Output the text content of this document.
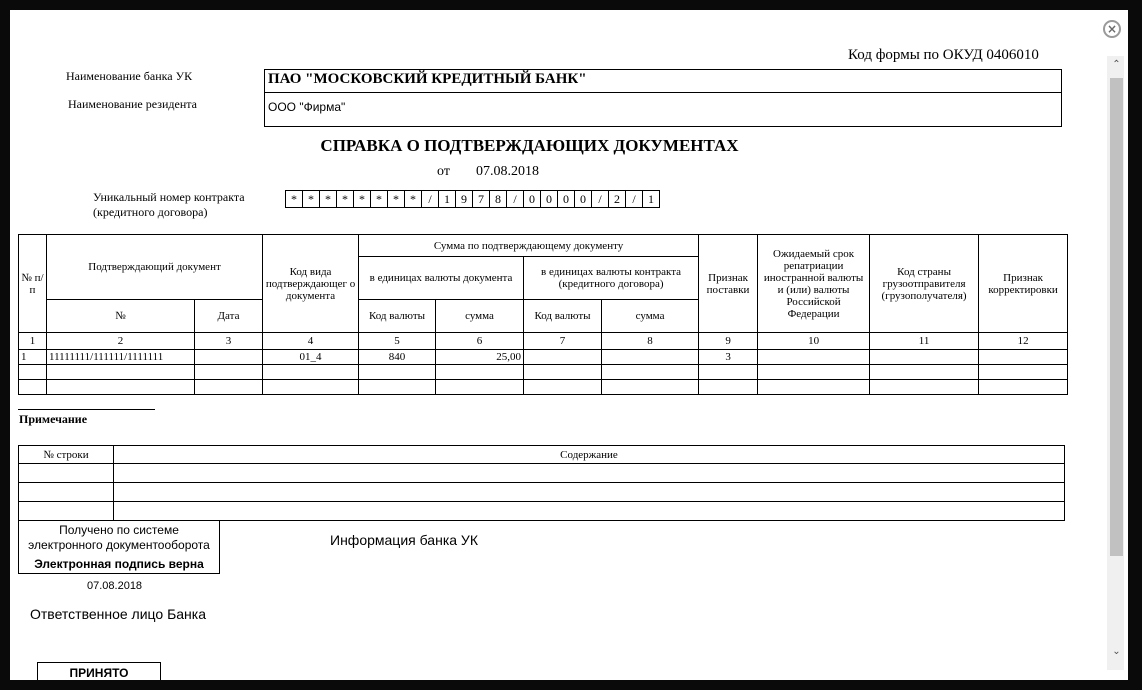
Код формы по ОКУД 0406010
Наименование банка УК
Наименование резидента
ПАО "МОСКОВСКИЙ КРЕДИТНЫЙ БАНК"
ООО "Фирма"
СПРАВКА О ПОДТВЕРЖДАЮЩИХ ДОКУМЕНТАХ
от 07.08.2018
Уникальный номер контракта
(кредитного договора)
*	*	*	*	*	*	*	*	/	1	9	7	8	/	0	0	0	0	/	2	/	1
№ п/п	Подтверждающий документ		Код вида подтверждающег о документа	Сумма по подтверждающему документу				Признак поставки	Ожидаемый срок репатриации иностранной валюты и (или) валюты Российской Федерации	Код страны грузоотправителя (грузополучателя)	Признак корректировки
				в единицах валюты документа		в единицах валюты контракта (кредитного договора)					
	№	Дата		Код валюты	сумма	Код валюты	сумма				
1	2	3	4	5	6	7	8	9	10	11	12
1	11111111/111111/1111111		01_4	840	25,00			3			

Примечание
№ строки	Содержание

Получено по системе
электронного документооборота
Электронная подпись верна
07.08.2018
Информация банка УК
Ответственное лицо Банка
ПРИНЯТО
×
⌃
⌄
